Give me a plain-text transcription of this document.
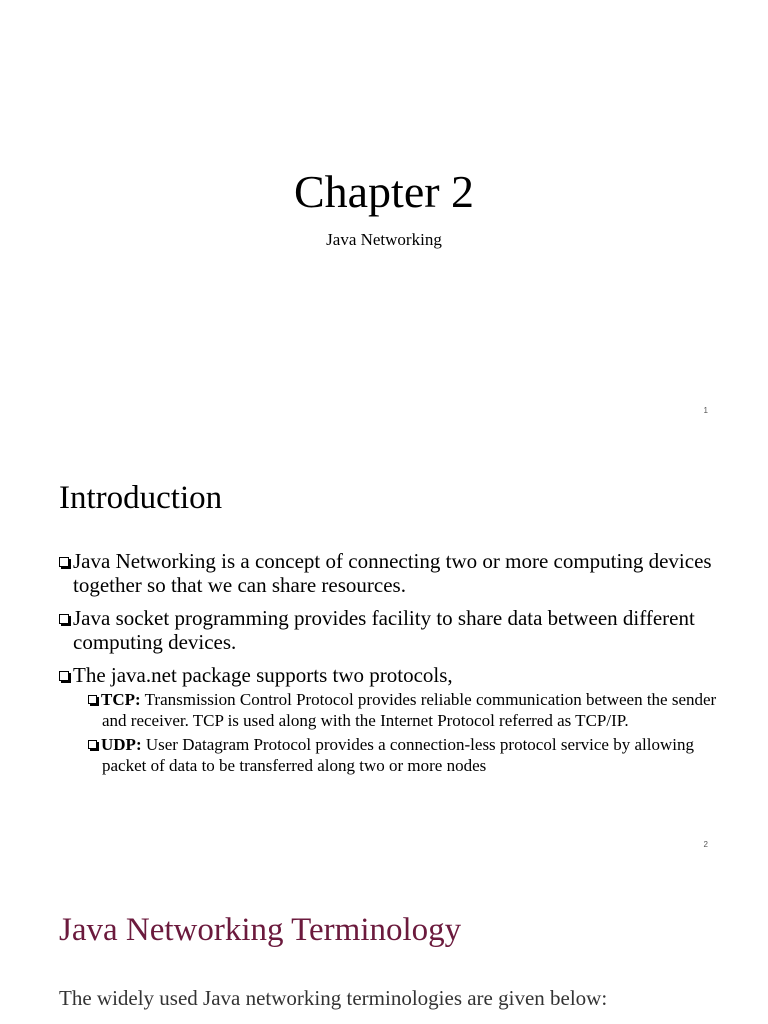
Chapter 2
Java Networking
1
Introduction
Java Networking is a concept of connecting two or more computing devices together so that we can share resources.
Java socket programming provides facility to share data between different computing devices.
The java.net package supports two protocols,
TCP: Transmission Control Protocol provides reliable communication between the sender and receiver. TCP is used along with the Internet Protocol referred as TCP/IP.
UDP: User Datagram Protocol provides a connection-less protocol service by allowing packet of data to be transferred along two or more nodes
2
Java Networking Terminology
The widely used Java networking terminologies are given below:
